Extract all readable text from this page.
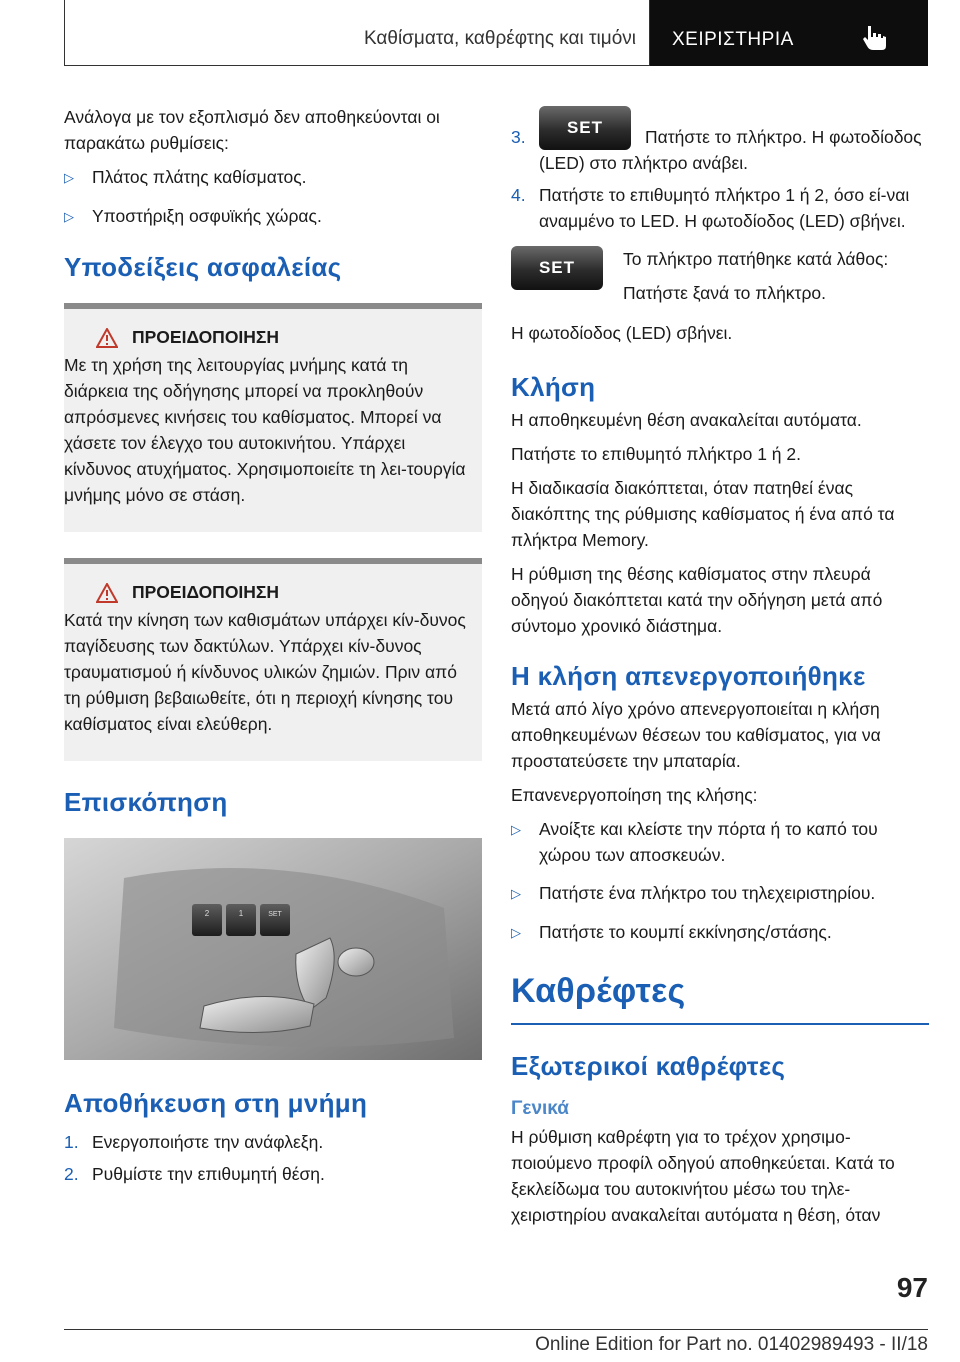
Καθίσματα, καθρέφτης και τιμόνι ΧΕΙΡΙΣΤΗΡΙΑ

Ανάλογα με τον εξοπλισμό δεν αποθηκεύονται οι παρακάτω ρυθμίσεις:

▷	Πλάτος πλάτης καθίσματος.
▷	Υποστήριξη οσφυϊκής χώρας.
Υποδείξεις ασφαλείας
ΠΡΟΕΙΔΟΠΟΙΗΣΗ

Με τη χρήση της λειτουργίας μνήμης κατά τη διάρκεια της οδήγησης μπορεί να προκληθούν απρόσμενες κινήσεις του καθίσματος. Μπορεί να χάσετε τον έλεγχο του αυτοκινήτου. Υπάρχει κίνδυνος ατυχήματος. Χρησιμοποιείτε τη λει-τουργία μνήμης μόνο σε στάση.

ΠΡΟΕΙΔΟΠΟΙΗΣΗ

Κατά την κίνηση των καθισμάτων υπάρχει κίν-δυνος παγίδευσης των δακτύλων. Υπάρχει κίν-δυνος τραυματισμού ή κίνδυνος υλικών ζημιών. Πριν από τη ρύθμιση βεβαιωθείτε, ότι η περιοχή κίνησης του καθίσματος είναι ελεύθερη.

Επισκόπηση
2	1	SET
Αποθήκευση στη μνήμη
1. Ενεργοποιήστε την ανάφλεξη.
2. Ρυθμίστε την επιθυμητή θέση.
3.	SET	Πατήστε το πλήκτρο. Η φωτοδίοδος (LED) στο πλήκτρο ανάβει.
4. Πατήστε το επιθυμητό πλήκτρο 1 ή 2, όσο εί-ναι αναμμένο το LED. Η φωτοδίοδος (LED) σβήνει.
SET	Το πλήκτρο πατήθηκε κατά λάθος:

Πατήστε ξανά το πλήκτρο.

Η φωτοδίοδος (LED) σβήνει.

Κλήση

Η αποθηκευμένη θέση ανακαλείται αυτόματα.

Πατήστε το επιθυμητό πλήκτρο 1 ή 2.

Η διαδικασία διακόπτεται, όταν πατηθεί ένας διακόπτης της ρύθμισης καθίσματος ή ένα από τα πλήκτρα Memory.

Η ρύθμιση της θέσης καθίσματος στην πλευρά οδηγού διακόπτεται κατά την οδήγηση μετά από σύντομο χρονικό διάστημα.

Η κλήση απενεργοποιήθηκε

Μετά από λίγο χρόνο απενεργοποιείται η κλήση αποθηκευμένων θέσεων του καθίσματος, για να προστατεύσετε την μπαταρία.

Επανενεργοποίηση της κλήσης:

▷	Ανοίξτε και κλείστε την πόρτα ή το καπό του χώρου των αποσκευών.
▷	Πατήστε ένα πλήκτρο του τηλεχειριστηρίου.
▷	Πατήστε το κουμπί εκκίνησης/στάσης.
Καθρέφτες
Εξωτερικοί καθρέφτες
Γενικά

Η ρύθμιση καθρέφτη για το τρέχον χρησιμο-ποιούμενο προφίλ οδηγού αποθηκεύεται. Κατά το ξεκλείδωμα του αυτοκινήτου μέσω του τηλε-χειριστηρίου ανακαλείται αυτόματα η θέση, όταν

97
Online Edition for Part no. 01402989493 - II/18
